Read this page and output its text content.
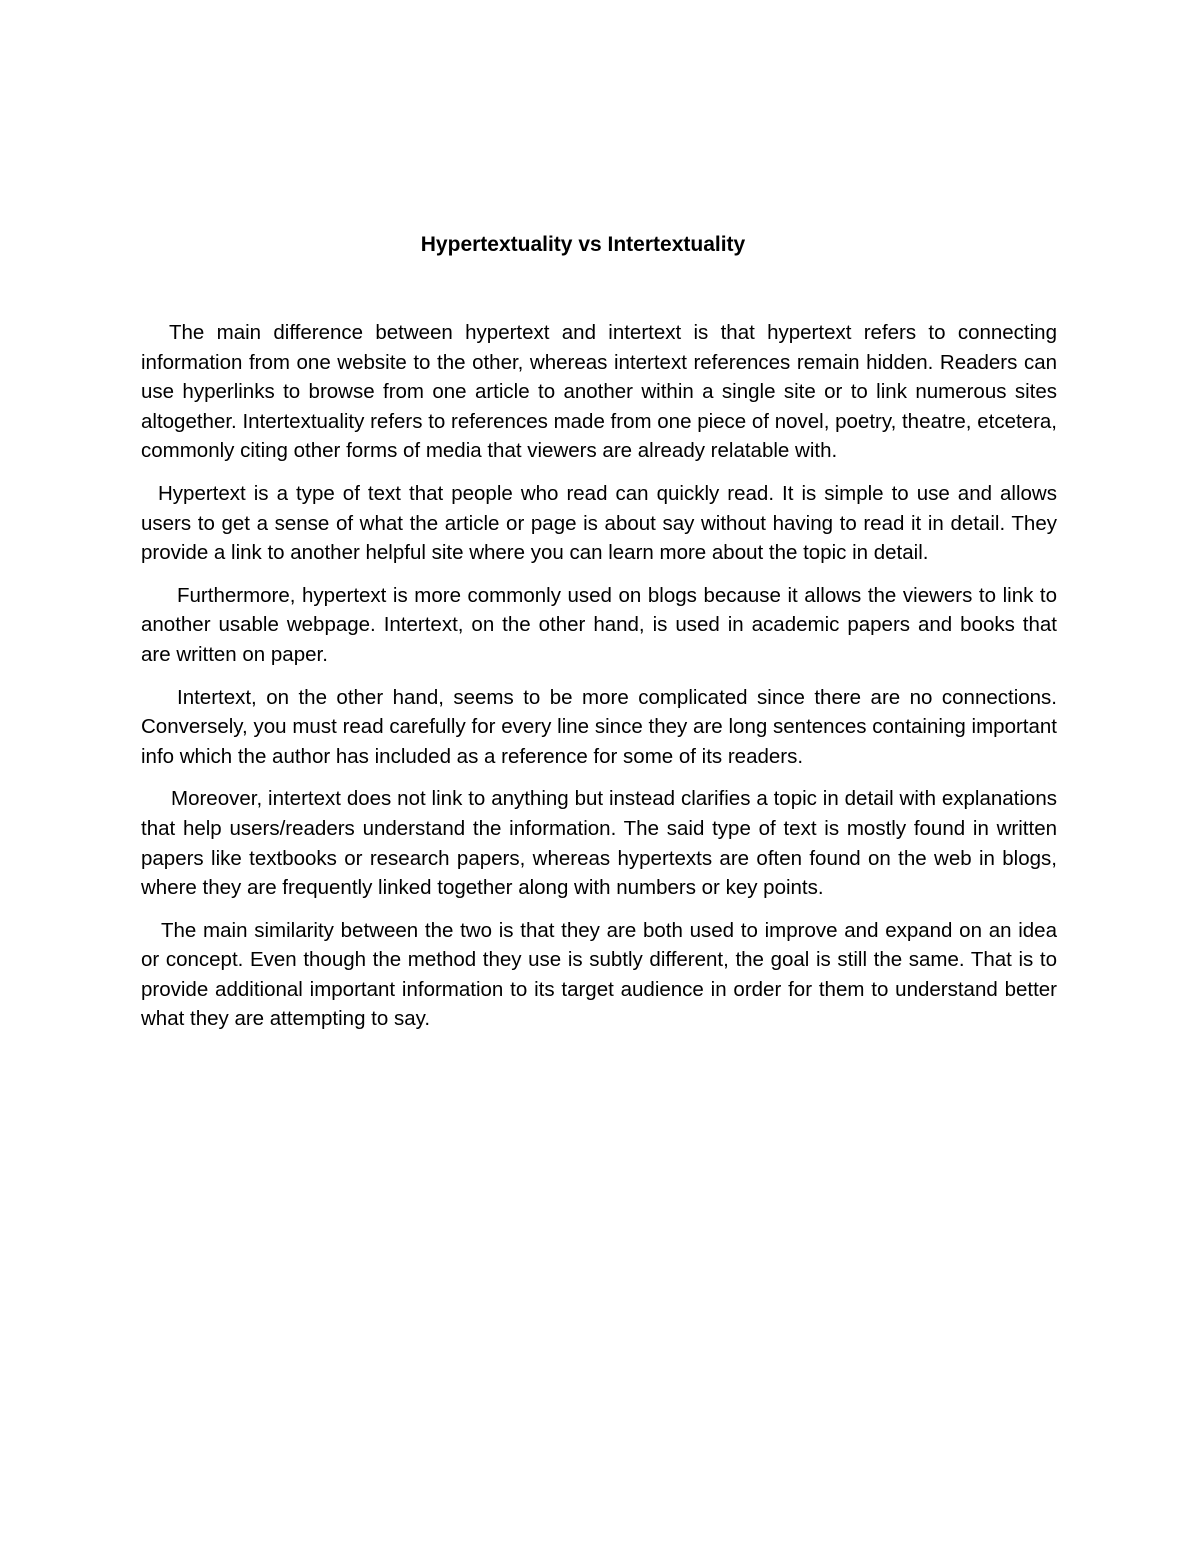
Hypertextuality vs Intertextuality

The main difference between hypertext and intertext is that hypertext refers to connecting information from one website to the other, whereas intertext references remain hidden. Readers can use hyperlinks to browse from one article to another within a single site or to link numerous sites altogether. Intertextuality refers to references made from one piece of novel, poetry, theatre, etcetera, commonly citing other forms of media that viewers are already relatable with.

Hypertext is a type of text that people who read can quickly read. It is simple to use and allows users to get a sense of what the article or page is about say without having to read it in detail. They provide a link to another helpful site where you can learn more about the topic in detail.

Furthermore, hypertext is more commonly used on blogs because it allows the viewers to link to another usable webpage. Intertext, on the other hand, is used in academic papers and books that are written on paper.

Intertext, on the other hand, seems to be more complicated since there are no connections. Conversely, you must read carefully for every line since they are long sentences containing important info which the author has included as a reference for some of its readers.

Moreover, intertext does not link to anything but instead clarifies a topic in detail with explanations that help users/readers understand the information. The said type of text is mostly found in written papers like textbooks or research papers, whereas hypertexts are often found on the web in blogs, where they are frequently linked together along with numbers or key points.

The main similarity between the two is that they are both used to improve and expand on an idea or concept. Even though the method they use is subtly different, the goal is still the same. That is to provide additional important information to its target audience in order for them to understand better what they are attempting to say.
